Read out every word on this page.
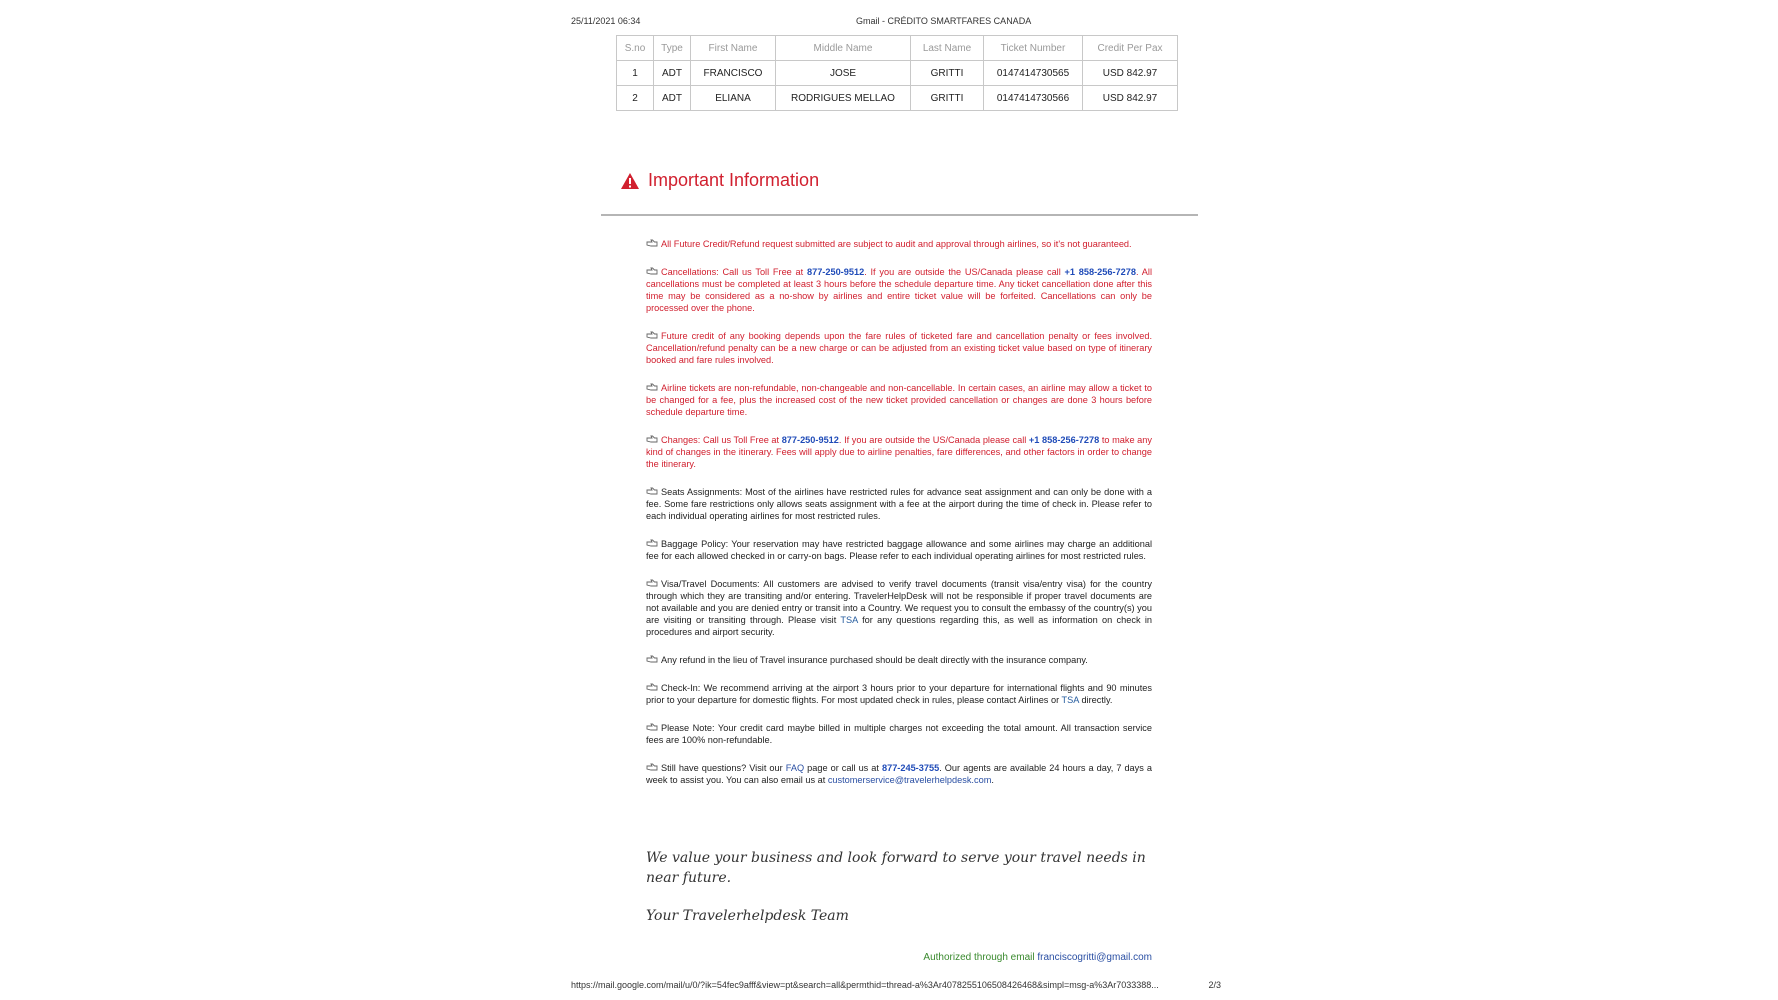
25/11/2021 06:34	Gmail - CRÉDITO SMARTFARES CANADA
S.no	Type	First Name	Middle Name	Last Name	Ticket Number	Credit Per Pax
1	ADT	FRANCISCO	JOSE	GRITTI	0147414730565	USD 842.97
2	ADT	ELIANA	RODRIGUES MELLAO	GRITTI	0147414730566	USD 842.97
Important Information

All Future Credit/Refund request submitted are subject to audit and approval through airlines, so it's not guaranteed.

Cancellations: Call us Toll Free at 877-250-9512. If you are outside the US/Canada please call +1 858-256-7278. All cancellations must be completed at least 3 hours before the schedule departure time. Any ticket cancellation done after this time may be considered as a no-show by airlines and entire ticket value will be forfeited. Cancellations can only be processed over the phone.

Future credit of any booking depends upon the fare rules of ticketed fare and cancellation penalty or fees involved. Cancellation/refund penalty can be a new charge or can be adjusted from an existing ticket value based on type of itinerary booked and fare rules involved.

Airline tickets are non-refundable, non-changeable and non-cancellable. In certain cases, an airline may allow a ticket to be changed for a fee, plus the increased cost of the new ticket provided cancellation or changes are done 3 hours before schedule departure time.

Changes: Call us Toll Free at 877-250-9512. If you are outside the US/Canada please call +1 858-256-7278 to make any kind of changes in the itinerary. Fees will apply due to airline penalties, fare differences, and other factors in order to change the itinerary.

Seats Assignments: Most of the airlines have restricted rules for advance seat assignment and can only be done with a fee. Some fare restrictions only allows seats assignment with a fee at the airport during the time of check in. Please refer to each individual operating airlines for most restricted rules.

Baggage Policy: Your reservation may have restricted baggage allowance and some airlines may charge an additional fee for each allowed checked in or carry-on bags. Please refer to each individual operating airlines for most restricted rules.

Visa/Travel Documents: All customers are advised to verify travel documents (transit visa/entry visa) for the country through which they are transiting and/or entering. TravelerHelpDesk will not be responsible if proper travel documents are not available and you are denied entry or transit into a Country. We request you to consult the embassy of the country(s) you are visiting or transiting through. Please visit TSA for any questions regarding this, as well as information on check in procedures and airport security.

Any refund in the lieu of Travel insurance purchased should be dealt directly with the insurance company.

Check-In: We recommend arriving at the airport 3 hours prior to your departure for international flights and 90 minutes prior to your departure for domestic flights. For most updated check in rules, please contact Airlines or TSA directly.

Please Note: Your credit card maybe billed in multiple charges not exceeding the total amount. All transaction service fees are 100% non-refundable.

Still have questions? Visit our FAQ page or call us at 877-245-3755. Our agents are available 24 hours a day, 7 days a week to assist you. You can also email us at customerservice@travelerhelpdesk.com.

We value your business and look forward to serve your travel needs in near future.
Your Travelerhelpdesk Team
Authorized through email franciscogritti@gmail.com
https://mail.google.com/mail/u/0/?ik=54fec9afff&view=pt&search=all&permthid=thread-a%3Ar4078255106508426468&simpl=msg-a%3Ar7033388...	2/3
